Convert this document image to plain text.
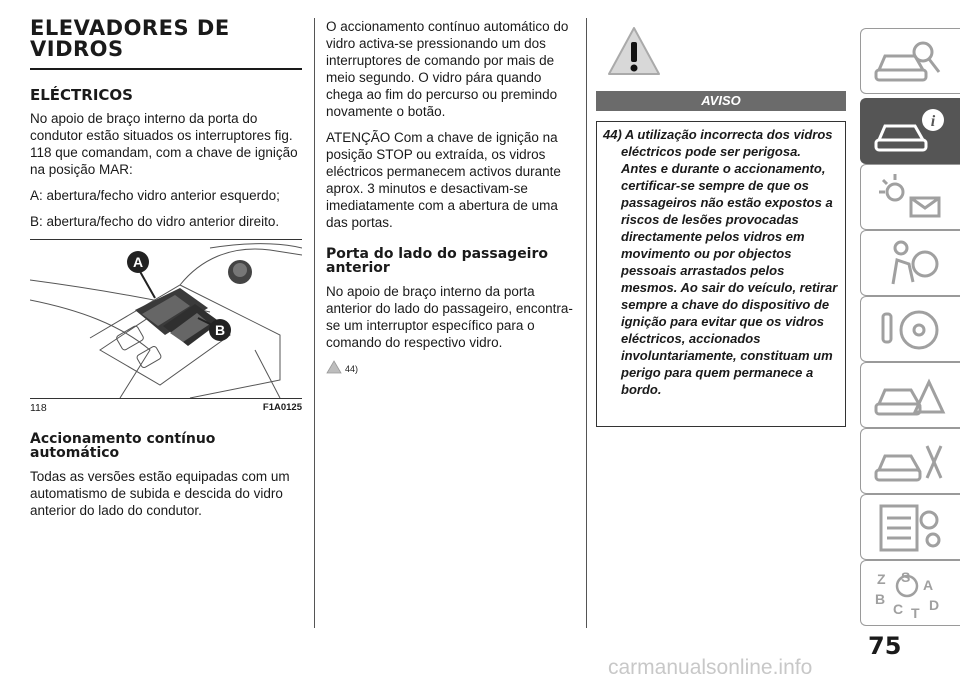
ELEVADORES DE VIDROS
ELÉCTRICOS

No apoio de braço interno da porta do condutor estão situados os interruptores fig. 118 que comandam, com a chave de ignição na posição MAR:

A: abertura/fecho vidro anterior esquerdo;

B: abertura/fecho do vidro anterior direito.

A
B
118	F1A0125
Accionamento contínuo automático

Todas as versões estão equipadas com um automatismo de subida e descida do vidro anterior do lado do condutor.

O accionamento contínuo automático do vidro activa-se pressionando um dos interruptores de comando por mais de meio segundo. O vidro pára quando chega ao fim do percurso ou premindo novamente o botão.

ATENÇÃO Com a chave de ignição na posição STOP ou extraída, os vidros eléctricos permanecem activos durante aprox. 3 minutos e desactivam-se imediatamente com a abertura de uma das portas.

Porta do lado do passageiro anterior

No apoio de braço interno da porta anterior do lado do passageiro, encontra-se um interruptor específico para o comando do respectivo vidro.

44)
AVISO

44) A utilização incorrecta dos vidros eléctricos pode ser perigosa. Antes e durante o accionamento, certificar-se sempre de que os passageiros não estão expostos a riscos de lesões provocadas directamente pelos vidros em movimento ou por objectos pessoais arrastados pelos mesmos. Ao sair do veículo, retirar sempre a chave do dispositivo de ignição para evitar que os vidros eléctricos, accionados involuntariamente, constituam um perigo para quem permanece a bordo.

i
Z S A
B
C T D
75
carmanualsonline.info
